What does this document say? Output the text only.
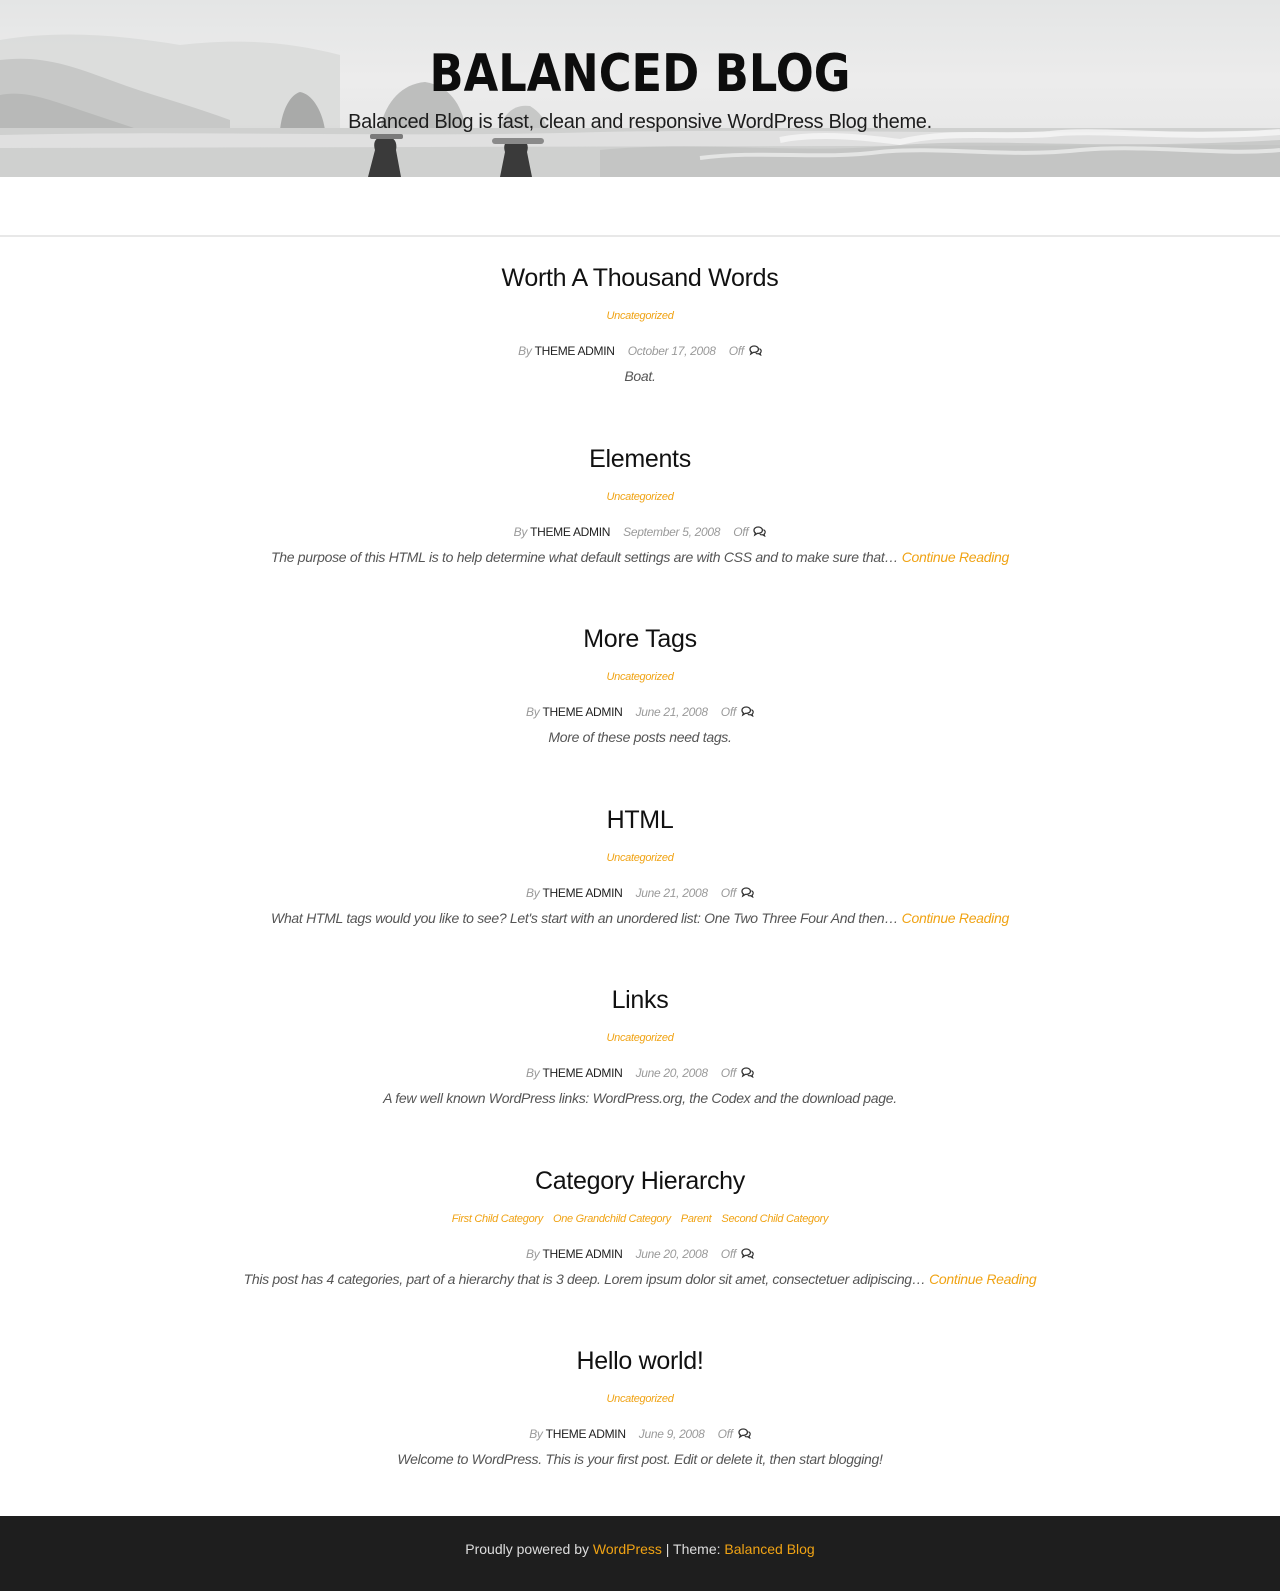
BALANCED BLOG
Balanced Blog is fast, clean and responsive WordPress Blog theme.
Worth A Thousand Words
Uncategorized
By THEME ADMIN October 17, 2008 Off

Boat.

Elements
Uncategorized
By THEME ADMIN September 5, 2008 Off

The purpose of this HTML is to help determine what default settings are with CSS and to make sure that… Continue Reading

More Tags
Uncategorized
By THEME ADMIN June 21, 2008 Off

More of these posts need tags.

HTML
Uncategorized
By THEME ADMIN June 21, 2008 Off

What HTML tags would you like to see? Let's start with an unordered list: One Two Three Four And then… Continue Reading

Links
Uncategorized
By THEME ADMIN June 20, 2008 Off

A few well known WordPress links: WordPress.org, the Codex and the download page.

Category Hierarchy
First Child Category One Grandchild Category Parent Second Child Category
By THEME ADMIN June 20, 2008 Off

This post has 4 categories, part of a hierarchy that is 3 deep. Lorem ipsum dolor sit amet, consectetuer adipiscing… Continue Reading

Hello world!
Uncategorized
By THEME ADMIN June 9, 2008 Off

Welcome to WordPress. This is your first post. Edit or delete it, then start blogging!

Proudly powered by WordPress | Theme: Balanced Blog
